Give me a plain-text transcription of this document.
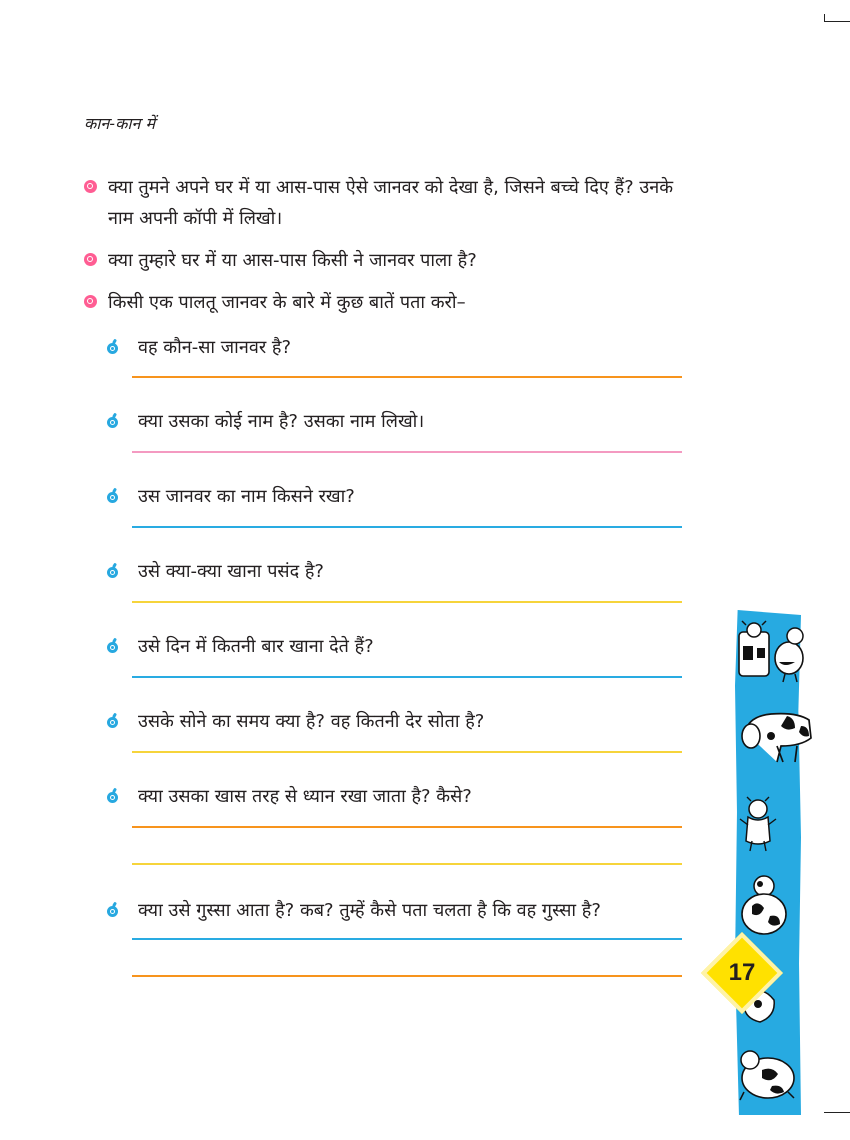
कान-कान में
क्या तुमने अपने घर में या आस-पास ऐसे जानवर को देखा है, जिसने बच्चे दिए हैं? उनके नाम अपनी कॉपी में लिखो।
क्या तुम्हारे घर में या आस-पास किसी ने जानवर पाला है?
किसी एक पालतू जानवर के बारे में कुछ बातें पता करो–
वह कौन-सा जानवर है?
क्या उसका कोई नाम है? उसका नाम लिखो।
उस जानवर का नाम किसने रखा?
उसे क्या-क्या खाना पसंद है?
उसे दिन में कितनी बार खाना देते हैं?
उसके सोने का समय क्या है? वह कितनी देर सोता है?
क्या उसका खास तरह से ध्यान रखा जाता है? कैसे?
क्या उसे गुस्सा आता है? कब? तुम्हें कैसे पता चलता है कि वह गुस्सा है?
17
